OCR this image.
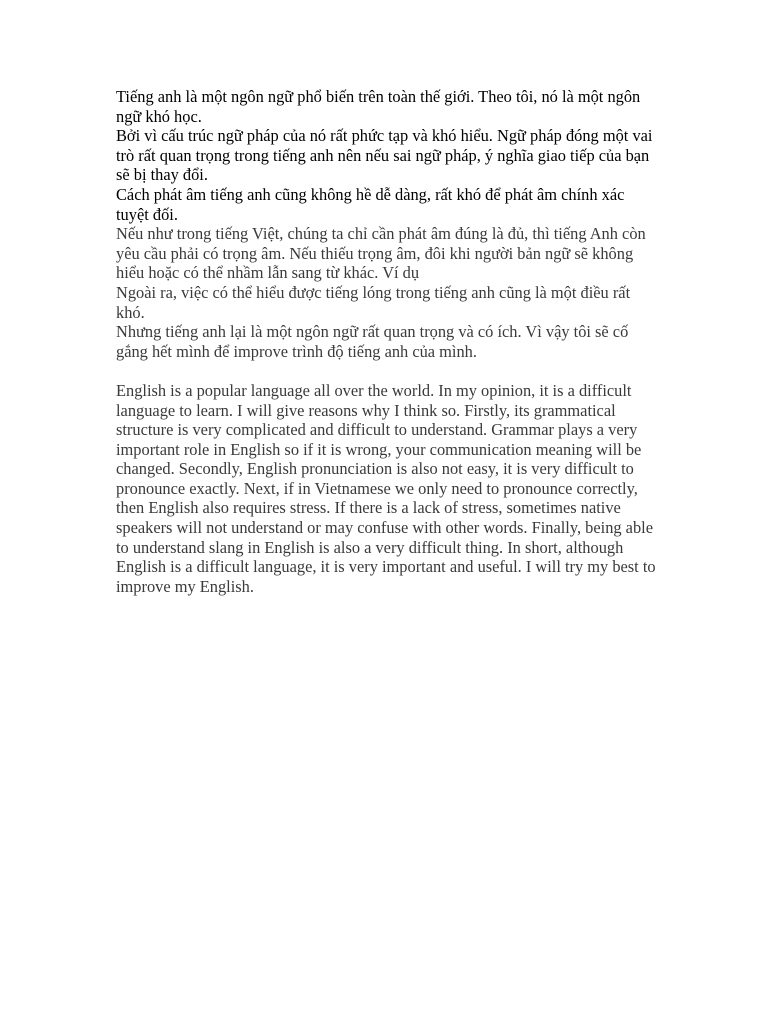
Tiếng anh là một ngôn ngữ phổ biến trên toàn thế giới. Theo tôi, nó là một ngôn ngữ khó học.

Bởi vì cấu trúc ngữ pháp của nó rất phức tạp và khó hiểu. Ngữ pháp đóng một vai trò rất quan trọng trong tiếng anh nên nếu sai ngữ pháp, ý nghĩa giao tiếp của bạn sẽ bị thay đổi.

Cách phát âm tiếng anh cũng không hề dễ dàng, rất khó để phát âm chính xác tuyệt đối.

Nếu như trong tiếng Việt, chúng ta chỉ cần phát âm đúng là đủ, thì tiếng Anh còn yêu cầu phải có trọng âm. Nếu thiếu trọng âm, đôi khi người bản ngữ sẽ không hiểu hoặc có thể nhầm lẫn sang từ khác. Ví dụ

Ngoài ra, việc có thể hiểu được tiếng lóng trong tiếng anh cũng là một điều rất khó.

Nhưng tiếng anh lại là một ngôn ngữ rất quan trọng và có ích. Vì vậy tôi sẽ cố gắng hết mình để improve trình độ tiếng anh của mình.

English is a popular language all over the world. In my opinion, it is a difficult language to learn. I will give reasons why I think so. Firstly, its grammatical structure is very complicated and difficult to understand. Grammar plays a very important role in English so if it is wrong, your communication meaning will be changed. Secondly, English pronunciation is also not easy, it is very difficult to pronounce exactly. Next, if in Vietnamese we only need to pronounce correctly, then English also requires stress. If there is a lack of stress, sometimes native speakers will not understand or may confuse with other words. Finally, being able to understand slang in English is also a very difficult thing. In short, although English is a difficult language, it is very important and useful. I will try my best to improve my English.
